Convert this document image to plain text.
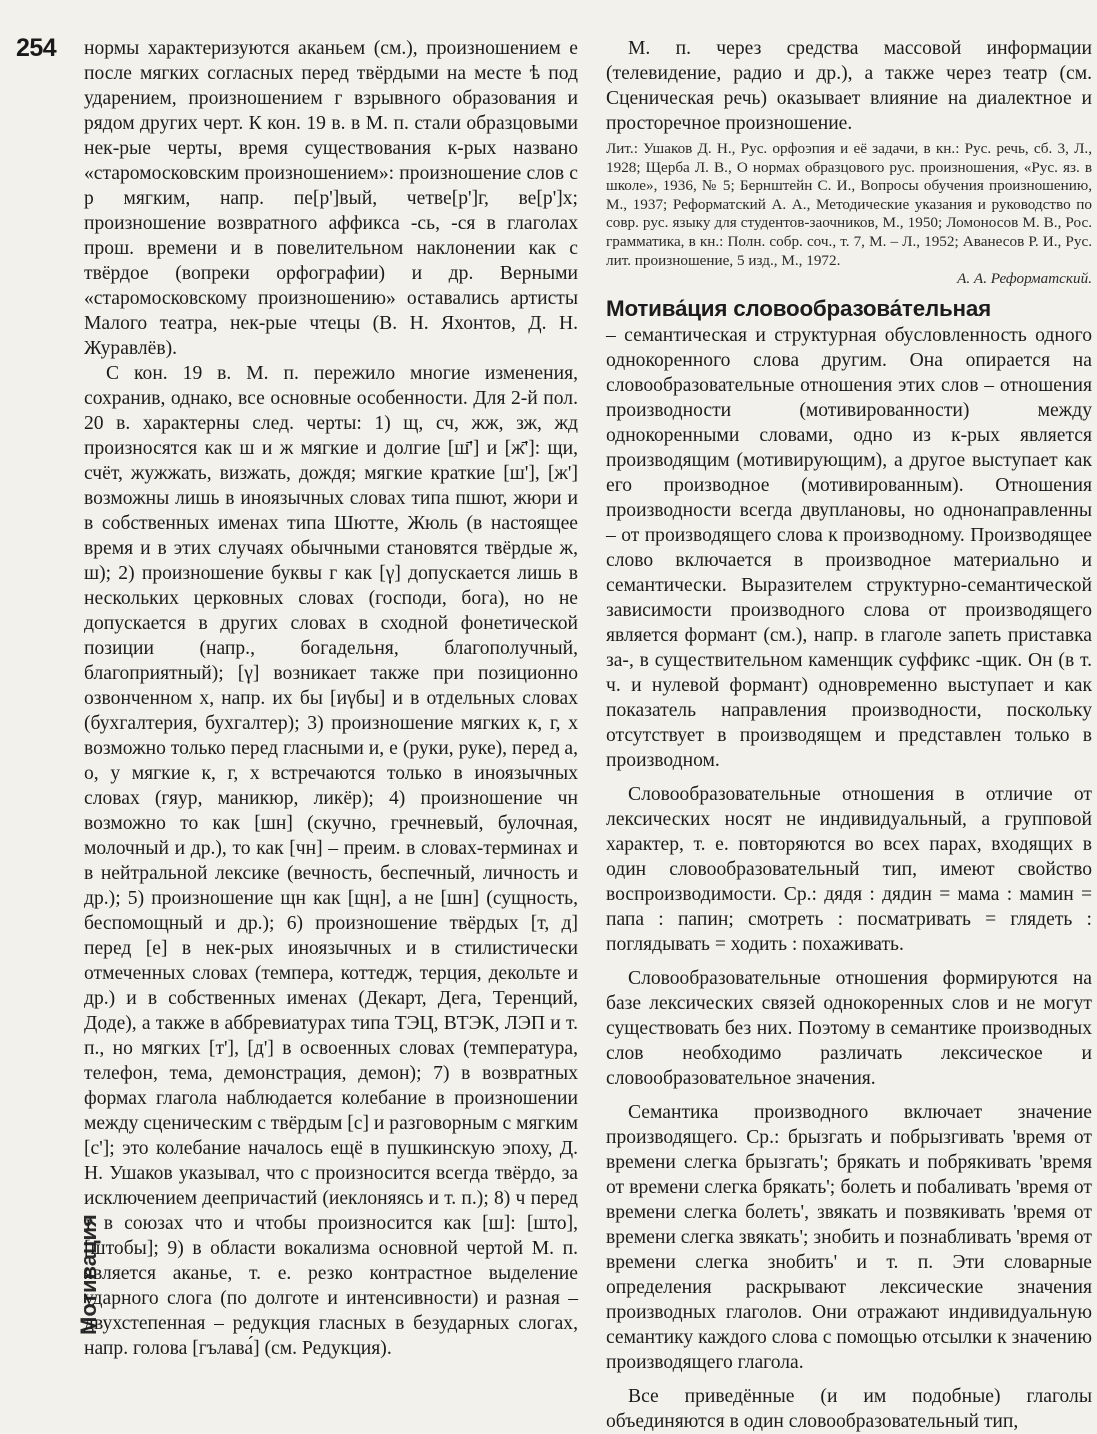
254
Мотивация

нормы характеризуются аканьем (см.), произношением е после мягких согласных перед твёрдыми на месте ѣ под ударением, произношением г взрывного образования и рядом других черт. К кон. 19 в. в М. п. стали образцовыми нек-рые черты, время существования к-рых названо «старомосковским произношением»: произношение слов с р мягким, напр. пе[р']вый, четве[р']г, ве[р']х; произношение возвратного аффикса -сь, -ся в глаголах прош. времени и в повелительном наклонении как с твёрдое (вопреки орфографии) и др. Верными «старомосковскому произношению» оставались артисты Малого театра, нек-рые чтецы (В. Н. Яхонтов, Д. Н. Журавлёв).

С кон. 19 в. М. п. пережило многие изменения, сохранив, однако, все основные особенности. Для 2-й пол. 20 в. характерны след. черты: 1) щ, сч, жж, зж, жд произносятся как ш и ж мягкие и долгие [ш̄'] и [ж̄']: щи, счёт, жужжать, визжать, дождя; мягкие краткие [ш'], [ж'] возможны лишь в иноязычных словах типа пшют, жюри и в собственных именах типа Шютте, Жюль (в настоящее время и в этих случаях обычными становятся твёрдые ж, ш); 2) произношение буквы г как [γ] допускается лишь в нескольких церковных словах (господи, бога), но не допускается в других словах в сходной фонетической позиции (напр., богадельня, благополучный, благоприятный); [γ] возникает также при позиционно озвонченном х, напр. их бы [иγбы] и в отдельных словах (бухгалтерия, бухгалтер); 3) произношение мягких к, г, х возможно только перед гласными и, е (руки, руке), перед а, о, у мягкие к, г, х встречаются только в иноязычных словах (гяур, маникюр, ликёр); 4) произношение чн возможно то как [шн] (скучно, гречневый, булочная, молочный и др.), то как [чн] – преим. в словах-терминах и в нейтральной лексике (вечность, беспечный, личность и др.); 5) произношение щн как [щн], а не [шн] (сущность, беспомощный и др.); 6) произношение твёрдых [т, д] перед [е] в нек-рых иноязычных и в стилистически отмеченных словах (темпера, коттедж, терция, декольте и др.) и в собственных именах (Декарт, Дега, Теренций, Доде), а также в аббревиатурах типа ТЭЦ, ВТЭК, ЛЭП и т. п., но мягких [т'], [д'] в освоенных словах (температура, телефон, тема, демонстрация, демон); 7) в возвратных формах глагола наблюдается колебание в произношении между сценическим с твёрдым [с] и разговорным с мягким [с']; это колебание началось ещё в пушкинскую эпоху, Д. Н. Ушаков указывал, что с произносится всегда твёрдо, за исключением деепричастий (иеклоняясь и т. п.); 8) ч перед т в союзах что и чтобы произносится как [ш]: [што], [штобы]; 9) в области вокализма основной чертой М. п. является аканье, т. е. резко контрастное выделение ударного слога (по долготе и интенсивности) и разная – двухстепенная – редукция гласных в безударных слогах, напр. голова [гълава́] (см. Редукция).

М. п. через средства массовой информации (телевидение, радио и др.), а также через театр (см. Сценическая речь) оказывает влияние на диалектное и просторечное произношение.

Лит.: Ушаков Д. Н., Рус. орфоэпия и её задачи, в кн.: Рус. речь, сб. 3, Л., 1928; Щерба Л. В., О нормах образцового рус. произношения, «Рус. яз. в школе», 1936, № 5; Бернштейн С. И., Вопросы обучения произношению, М., 1937; Реформатский А. А., Методические указания и руководство по совр. рус. языку для студентов-заочников, М., 1950; Ломоносов М. В., Рос. грамматика, в кн.: Полн. собр. соч., т. 7, М. – Л., 1952; Аванесов Р. И., Рус. лит. произношение, 5 изд., М., 1972.
А. А. Реформатский.

Мотива́ция словообразова́тельная

– семантическая и структурная обусловленность одного однокоренного слова другим. Она опирается на словообразовательные отношения этих слов – отношения производности (мотивированности) между однокоренными словами, одно из к-рых является производящим (мотивирующим), а другое выступает как его производное (мотивированным). Отношения производности всегда двуплановы, но однонаправленны – от производящего слова к производному. Производящее слово включается в производное материально и семантически. Выразителем структурно-семантической зависимости производного слова от производящего является формант (см.), напр. в глаголе запеть приставка за-, в существительном каменщик суффикс -щик. Он (в т. ч. и нулевой формант) одновременно выступает и как показатель направления производности, поскольку отсутствует в производящем и представлен только в производном.

Словообразовательные отношения в отличие от лексических носят не индивидуальный, а групповой характер, т. е. повторяются во всех парах, входящих в один словообразовательный тип, имеют свойство воспроизводимости. Ср.: дядя : дядин = мама : мамин = папа : папин; смотреть : посматривать = глядеть : поглядывать = ходить : похаживать.

Словообразовательные отношения формируются на базе лексических связей однокоренных слов и не могут существовать без них. Поэтому в семантике производных слов необходимо различать лексическое и словообразовательное значения.

Семантика производного включает значение производящего. Ср.: брызгать и побрызгивать 'время от времени слегка брызгать'; брякать и побрякивать 'время от времени слегка брякать'; болеть и побаливать 'время от времени слегка болеть', звякать и позвякивать 'время от времени слегка звякать'; знобить и познабливать 'время от времени слегка знобить' и т. п. Эти словарные определения раскрывают лексические значения производных глаголов. Они отражают индивидуальную семантику каждого слова с помощью отсылки к значению производящего глагола.

Все приведённые (и им подобные) глаголы объединяются в один словообразовательный тип,
